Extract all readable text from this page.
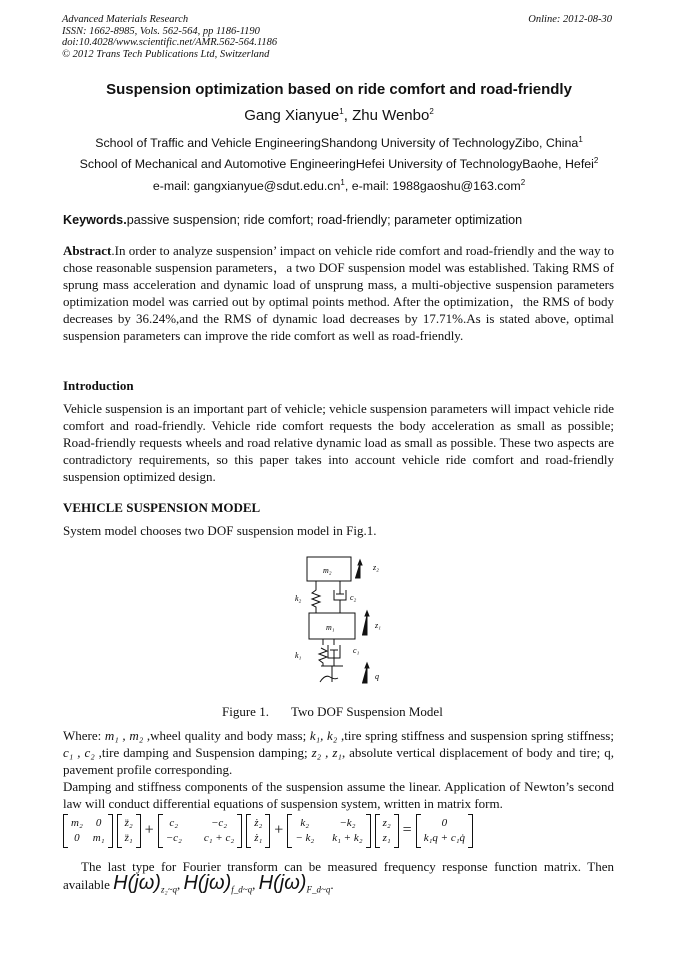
Advanced Materials Research
ISSN: 1662-8985, Vols. 562-564, pp 1186-1190
doi:10.4028/www.scientific.net/AMR.562-564.1186
© 2012 Trans Tech Publications Ltd, Switzerland
Online: 2012-08-30
Suspension optimization based on ride comfort and road-friendly
Gang Xianyue$^1$, Zhu Wenbo$^2$
School of Traffic and Vehicle EngineeringShandong University of TechnologyZibo, China$^1$
School of Mechanical and Automotive EngineeringHefei University of TechnologyBaohe, Hefei$^2$
e-mail: $gangxianyue@sdut.edu.cn^1$, e-mail: 1988gaoshu@163.com$^2$
Keywords.passive suspension; ride comfort; road-friendly; parameter optimization
Abstract.In order to analyze suspension’ impact on vehicle ride comfort and road-friendly and the way to chose reasonable suspension parameters，a two DOF suspension model was established. Taking RMS of sprung mass acceleration and dynamic load of unsprung mass, a multi-objective suspension parameters optimization model was carried out by optimal points method. After the optimization，the RMS of body decreases by 36.24%,and the RMS of dynamic load decreases by 17.71%.As is stated above, optimal suspension parameters can improve the ride comfort as well as road-friendly.
Introduction
Vehicle suspension is an important part of vehicle; vehicle suspension parameters will impact vehicle ride comfort and road-friendly. Vehicle ride comfort requests the body acceleration as small as possible; Road-friendly requests wheels and road relative dynamic load as small as possible. These two aspects are contradictory requirements, so this paper takes into account vehicle ride comfort and road-friendly suspension optimized design.
VEHICLE SUSPENSION MODEL
System model chooses two DOF suspension model in Fig.1.
m₂
m₁
z₂
z₁
q
k₂
k₁
c₂
c₁
Figure 1. Two DOF Suspension Model
Where: m₁ , m₂ ,wheel quality and body mass; k₁, k₂ ,tire spring stiffness and suspension spring stiffness; c₁ , c₂ ,tire damping and Suspension damping; z₂ , z₁, absolute vertical displacement of body and tire; q, pavement profile corresponding.
Damping and stiffness components of the suspension assume the linear. Application of Newton’s second law will conduct differential equations of suspension system, written in matrix form.
m₂ 0
0 m₁

z̈₂
z̈₁ +	c₂	−c₂
−c₂ c₁ + c₂

ż₂
ż₁ +	k₂	−k₂
− k₂ k₁ + k₂

z₂
z₁ =	0
k₁q + c₁q̇
The last type for Fourier transform can be measured frequency response function matrix. Then available $H(j\omega)_{z_2\sim q}$, $H(j\omega)_{f\_d\sim q}$, $H(j\omega)_{F\_d\sim q}$.
